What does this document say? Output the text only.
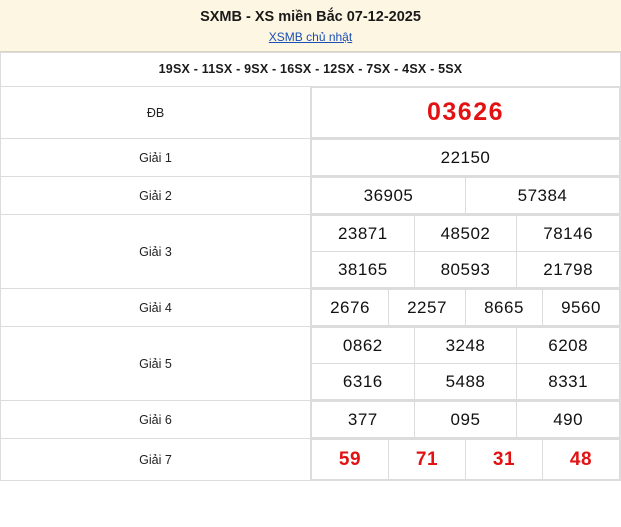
SXMB - XS miền Bắc 07-12-2025
XSMB chủ nhật
19SX - 11SX - 9SX - 16SX - 12SX - 7SX - 4SX - 5SX
ĐB		03626

Giải 1		22150

Giải 2		36905	57384

Giải 3	
23871	48502	78146

38165	80593	21798

Giải 4		2676	2257	8665	9560

Giải 5	
0862	3248	6208

6316	5488	8331

Giải 6		377	095	490

Giải 7		59	71	31	48
